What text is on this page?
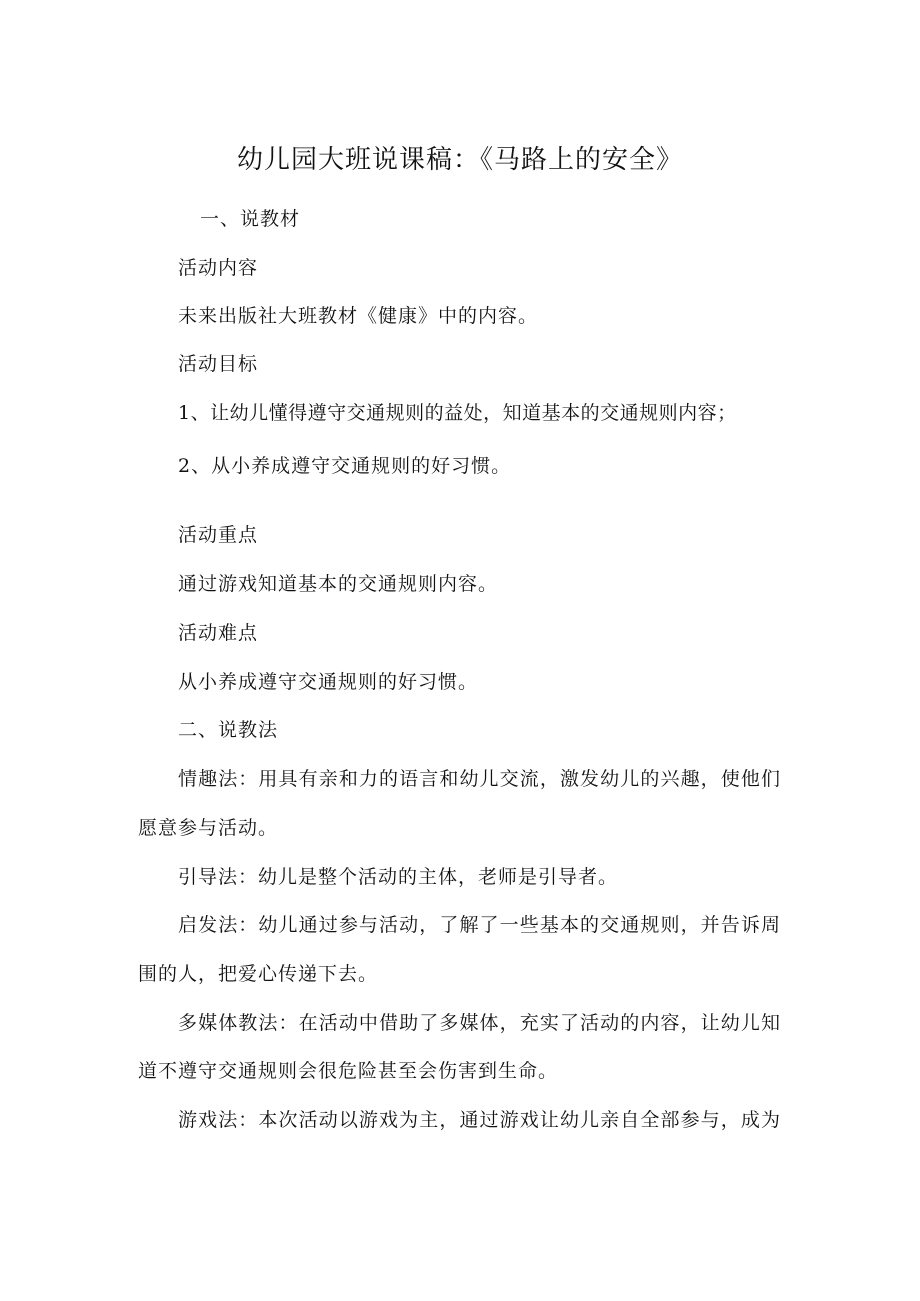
幼儿园大班说课稿：《马路上的安全》

一、说教材

活动内容

未来出版社大班教材《健康》中的内容。

活动目标

1、让幼儿懂得遵守交通规则的益处，知道基本的交通规则内容；

2、从小养成遵守交通规则的好习惯。

活动重点

通过游戏知道基本的交通规则内容。

活动难点

从小养成遵守交通规则的好习惯。

二、说教法

情趣法：用具有亲和力的语言和幼儿交流，激发幼儿的兴趣，使他们

愿意参与活动。

引导法：幼儿是整个活动的主体，老师是引导者。

启发法：幼儿通过参与活动，了解了一些基本的交通规则，并告诉周

围的人，把爱心传递下去。

多媒体教法：在活动中借助了多媒体，充实了活动的内容，让幼儿知

道不遵守交通规则会很危险甚至会伤害到生命。

游戏法：本次活动以游戏为主，通过游戏让幼儿亲自全部参与，成为
